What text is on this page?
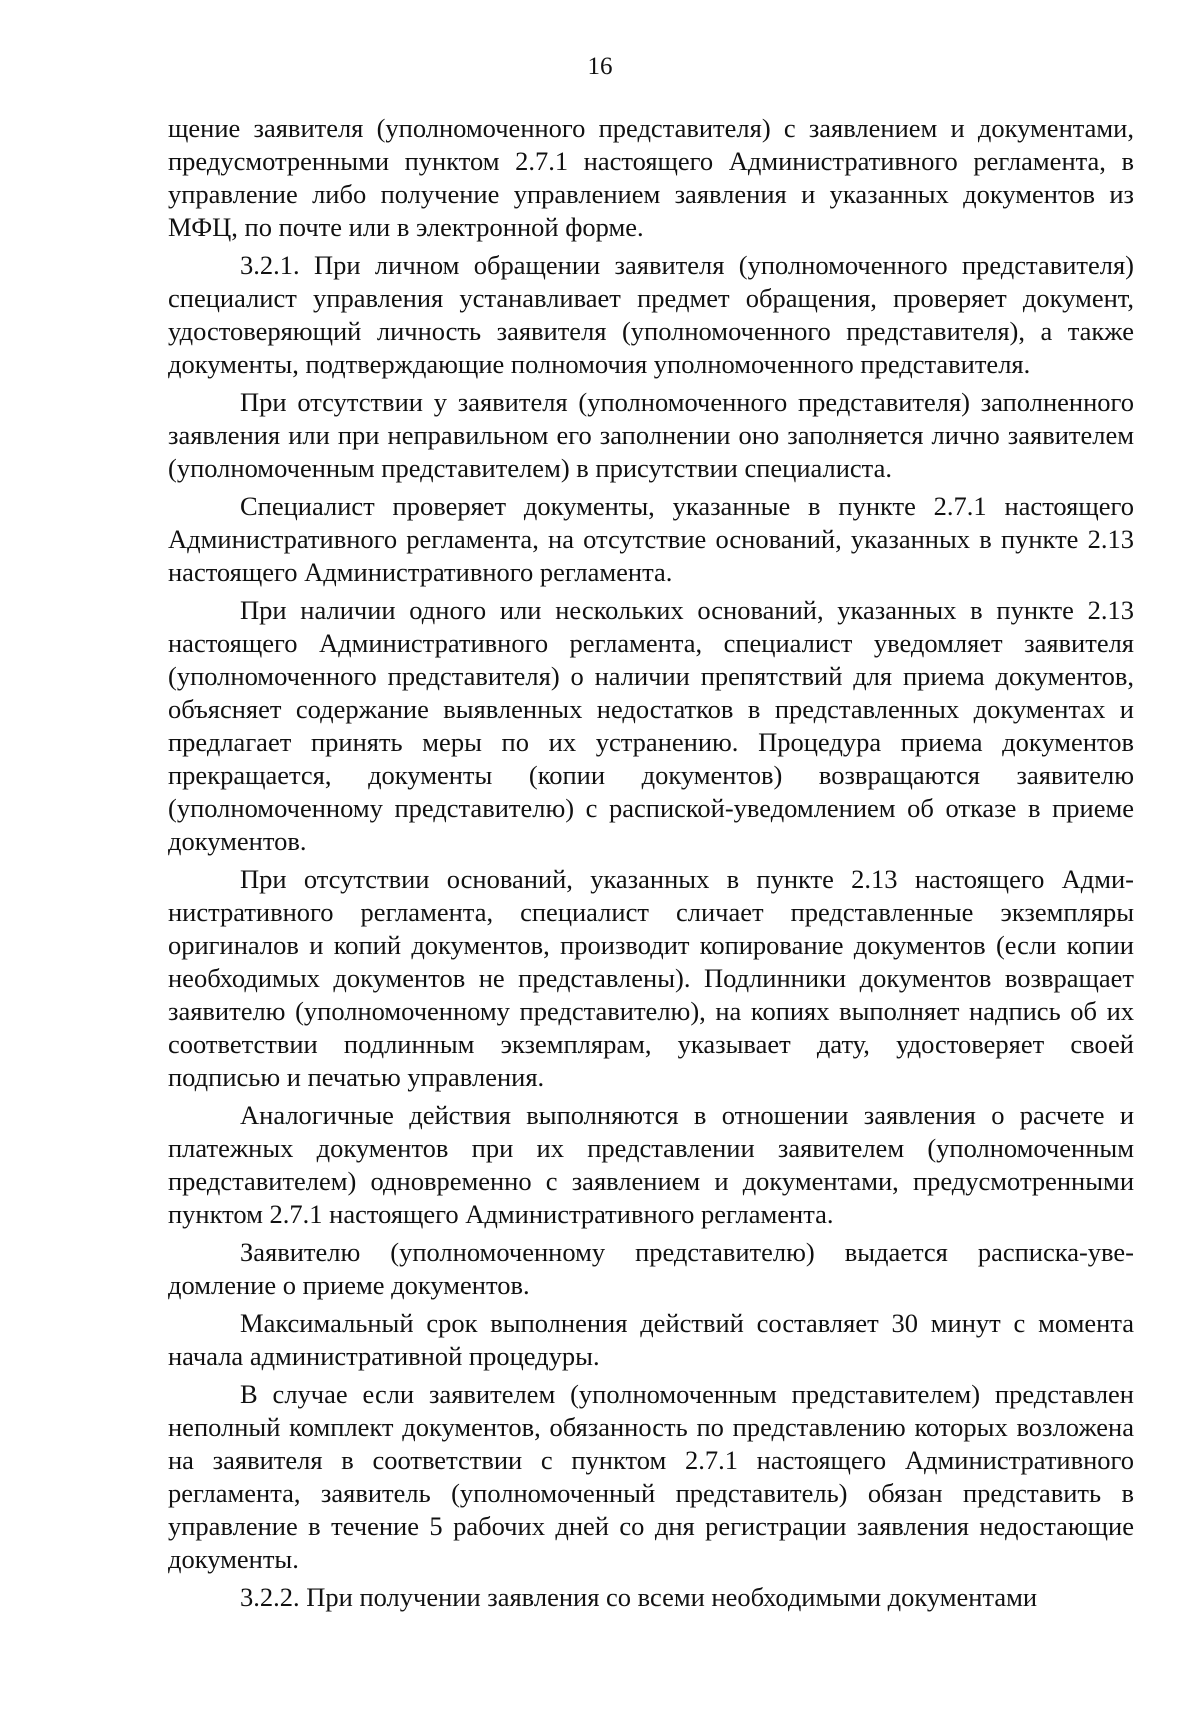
16

щение заявителя (уполномоченного представителя) с заявлением и документами, предусмотренными пунктом 2.7.1 настоящего Административного регламента, в управление либо получение управлением заявления и указанных документов из МФЦ, по почте или в электронной форме.

3.2.1. При личном обращении заявителя (уполномоченного представителя) специалист управления устанавливает предмет обращения, проверяет документ, удостоверяющий личность заявителя (уполномоченного представителя), а также документы, подтверждающие полномочия уполномоченного представителя.

При отсутствии у заявителя (уполномоченного представителя) заполненного заявления или при неправильном его заполнении оно заполняется лично заявителем (уполномоченным представителем) в присутствии специалиста.

Специалист проверяет документы, указанные в пункте 2.7.1 настоящего Административного регламента, на отсутствие оснований, указанных в пункте 2.13 настоящего Административного регламента.

При наличии одного или нескольких оснований, указанных в пункте 2.13 настоящего Административного регламента, специалист уведомляет заявителя (уполномоченного представителя) о наличии препятствий для приема документов, объясняет содержание выявленных недостатков в представленных документах и предлагает принять меры по их устранению. Процедура приема документов прекращается, документы (копии документов) возвращаются заявителю (уполномоченному представителю) с распиской-уведомлением об отказе в приеме документов.

При отсутствии оснований, указанных в пункте 2.13 настоящего Административного регламента, специалист сличает представленные экземпляры оригиналов и копий документов, производит копирование документов (если копии необходимых документов не представлены). Подлинники документов возвращает заявителю (уполномоченному представителю), на копиях выполняет надпись об их соответствии подлинным экземплярам, указывает дату, удостоверяет своей подписью и печатью управления.

Аналогичные действия выполняются в отношении заявления о расчете и платежных документов при их представлении заявителем (уполномоченным представителем) одновременно с заявлением и документами, предусмотренными пунктом 2.7.1 настоящего Административного регламента.

Заявителю (уполномоченному представителю) выдается расписка-уведомление о приеме документов.

Максимальный срок выполнения действий составляет 30 минут с момента начала административной процедуры.

В случае если заявителем (уполномоченным представителем) представлен неполный комплект документов, обязанность по представлению которых возложена на заявителя в соответствии с пунктом 2.7.1 настоящего Административного регламента, заявитель (уполномоченный представитель) обязан представить в управление в течение 5 рабочих дней со дня регистрации заявления недостающие документы.

3.2.2. При получении заявления со всеми необходимыми документами
